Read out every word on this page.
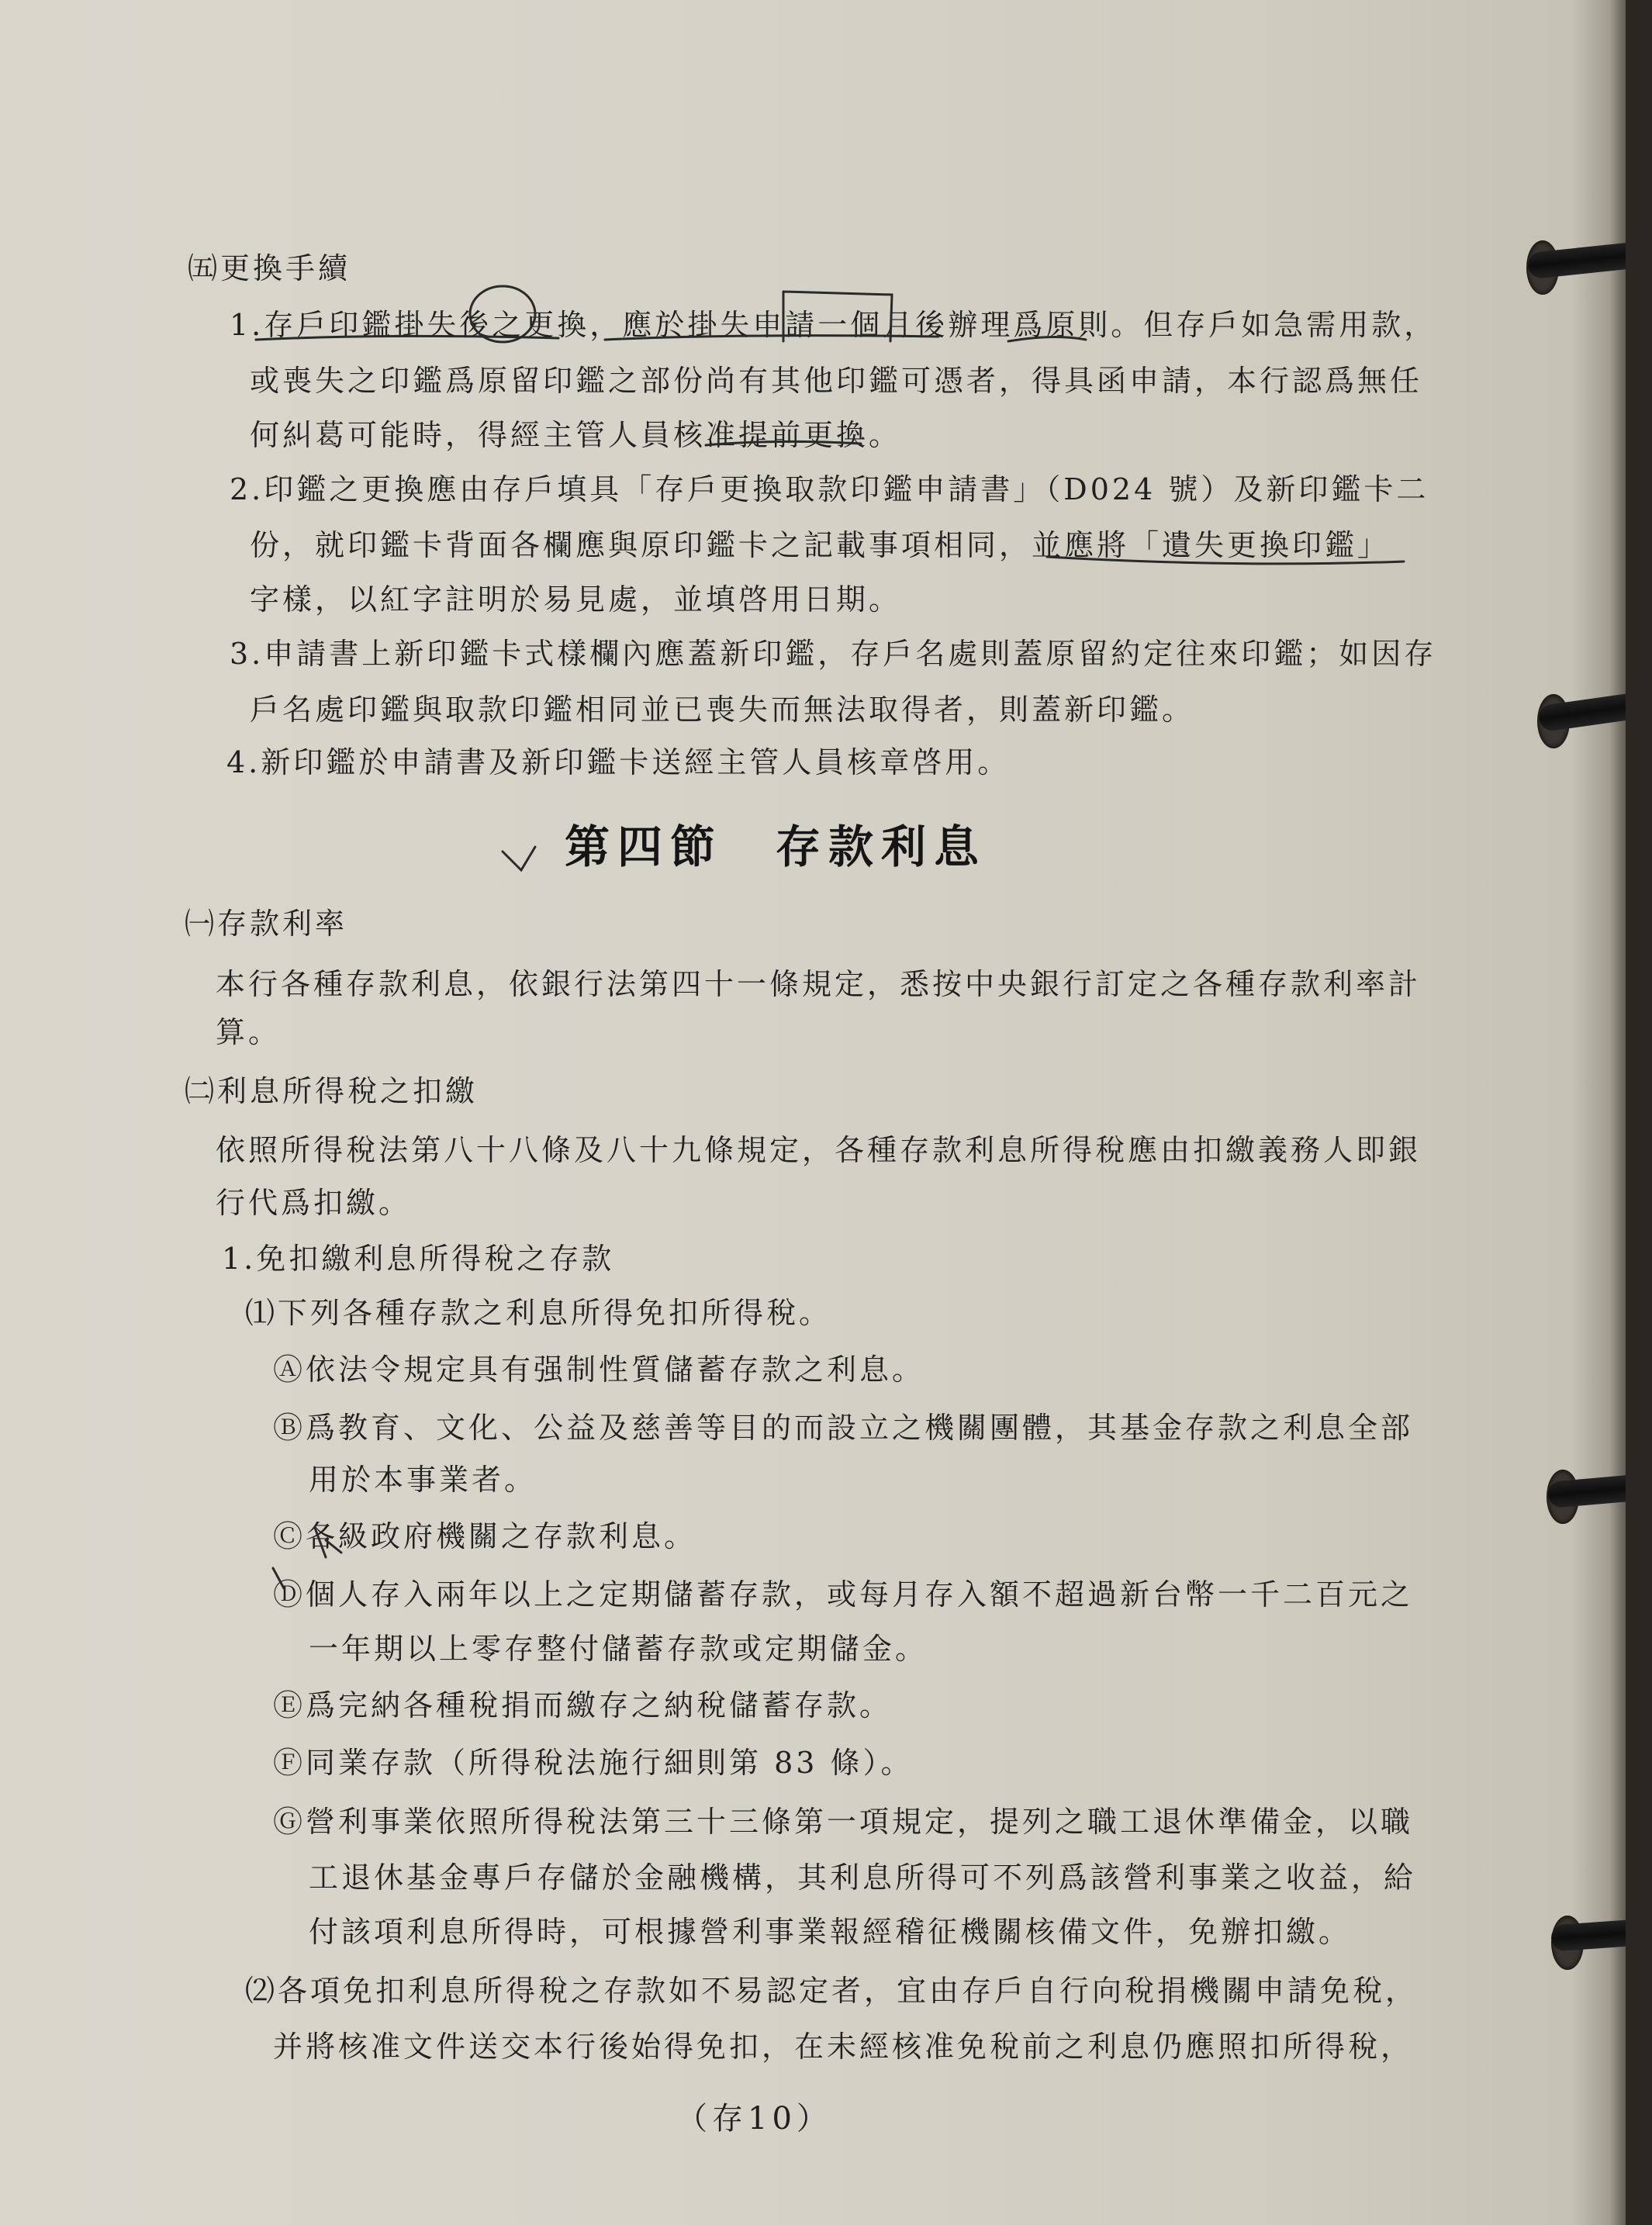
㈤更換手續
1.存戶印鑑掛失後之更換，應於掛失申請一個月後辦理爲原則。但存戶如急需用款，
或喪失之印鑑爲原留印鑑之部份尚有其他印鑑可憑者，得具函申請，本行認爲無任
何糾葛可能時，得經主管人員核准提前更換。
2.印鑑之更換應由存戶填具「存戶更換取款印鑑申請書」（D024 號）及新印鑑卡二
份，就印鑑卡背面各欄應與原印鑑卡之記載事項相同，並應將「遺失更換印鑑」
字樣，以紅字註明於易見處，並填啓用日期。
3.申請書上新印鑑卡式樣欄內應蓋新印鑑，存戶名處則蓋原留約定往來印鑑；如因存
戶名處印鑑與取款印鑑相同並已喪失而無法取得者，則蓋新印鑑。
4.新印鑑於申請書及新印鑑卡送經主管人員核章啓用。
第四節　存款利息
㈠存款利率
本行各種存款利息，依銀行法第四十一條規定，悉按中央銀行訂定之各種存款利率計
算。
㈡利息所得稅之扣繳
依照所得稅法第八十八條及八十九條規定，各種存款利息所得稅應由扣繳義務人即銀
行代爲扣繳。
1.免扣繳利息所得稅之存款
⑴下列各種存款之利息所得免扣所得稅。
Ⓐ依法令規定具有强制性質儲蓄存款之利息。
Ⓑ爲教育、文化、公益及慈善等目的而設立之機關團體，其基金存款之利息全部
用於本事業者。
Ⓒ各級政府機關之存款利息。
Ⓓ個人存入兩年以上之定期儲蓄存款，或每月存入額不超過新台幣一千二百元之
一年期以上零存整付儲蓄存款或定期儲金。
Ⓔ爲完納各種稅捐而繳存之納稅儲蓄存款。
Ⓕ同業存款（所得稅法施行細則第 83 條）。
Ⓖ營利事業依照所得稅法第三十三條第一項規定，提列之職工退休準備金，以職
工退休基金專戶存儲於金融機構，其利息所得可不列爲該營利事業之收益，給
付該項利息所得時，可根據營利事業報經稽征機關核備文件，免辦扣繳。
⑵各項免扣利息所得稅之存款如不易認定者，宜由存戶自行向稅捐機關申請免稅，
并將核准文件送交本行後始得免扣，在未經核准免稅前之利息仍應照扣所得稅，
（存10）
